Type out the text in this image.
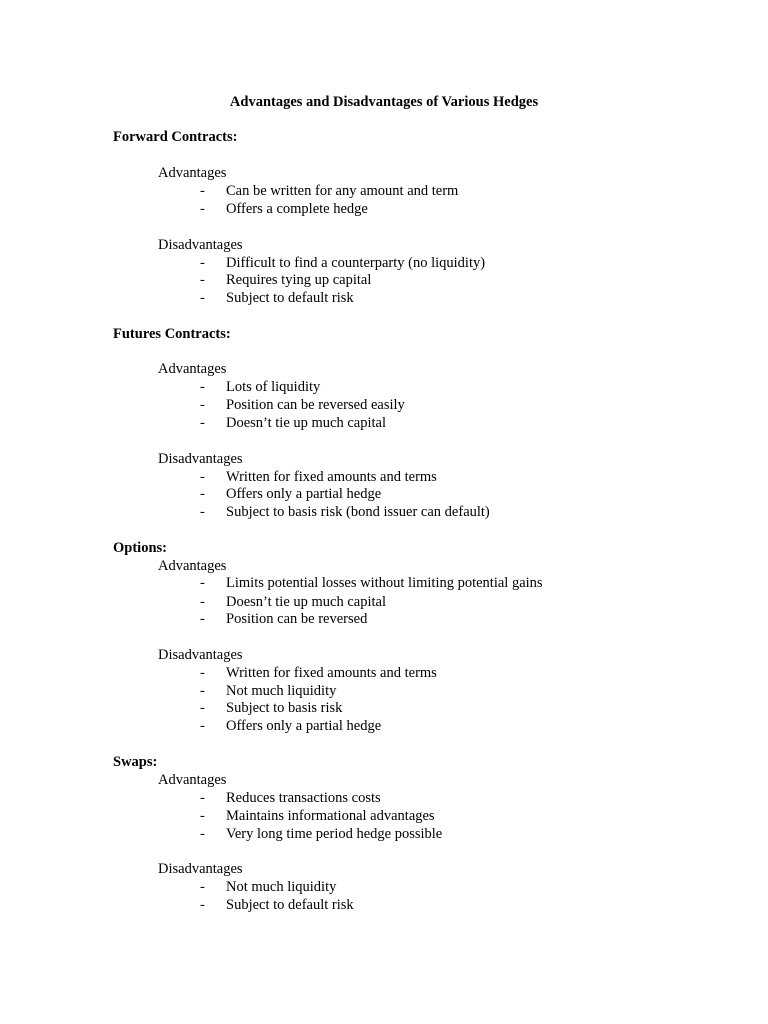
Advantages and Disadvantages of Various Hedges
Forward Contracts:
Advantages
- Can be written for any amount and term
- Offers a complete hedge
Disadvantages
- Difficult to find a counterparty (no liquidity)
- Requires tying up capital
- Subject to default risk
Futures Contracts:
Advantages
- Lots of liquidity
- Position can be reversed easily
- Doesn’t tie up much capital
Disadvantages
- Written for fixed amounts and terms
- Offers only a partial hedge
- Subject to basis risk (bond issuer can default)
Options:
Advantages
- Limits potential losses without limiting potential gains
- Doesn’t tie up much capital
- Position can be reversed
Disadvantages
- Written for fixed amounts and terms
- Not much liquidity
- Subject to basis risk
- Offers only a partial hedge
Swaps:
Advantages
- Reduces transactions costs
- Maintains informational advantages
- Very long time period hedge possible
Disadvantages
- Not much liquidity
- Subject to default risk
